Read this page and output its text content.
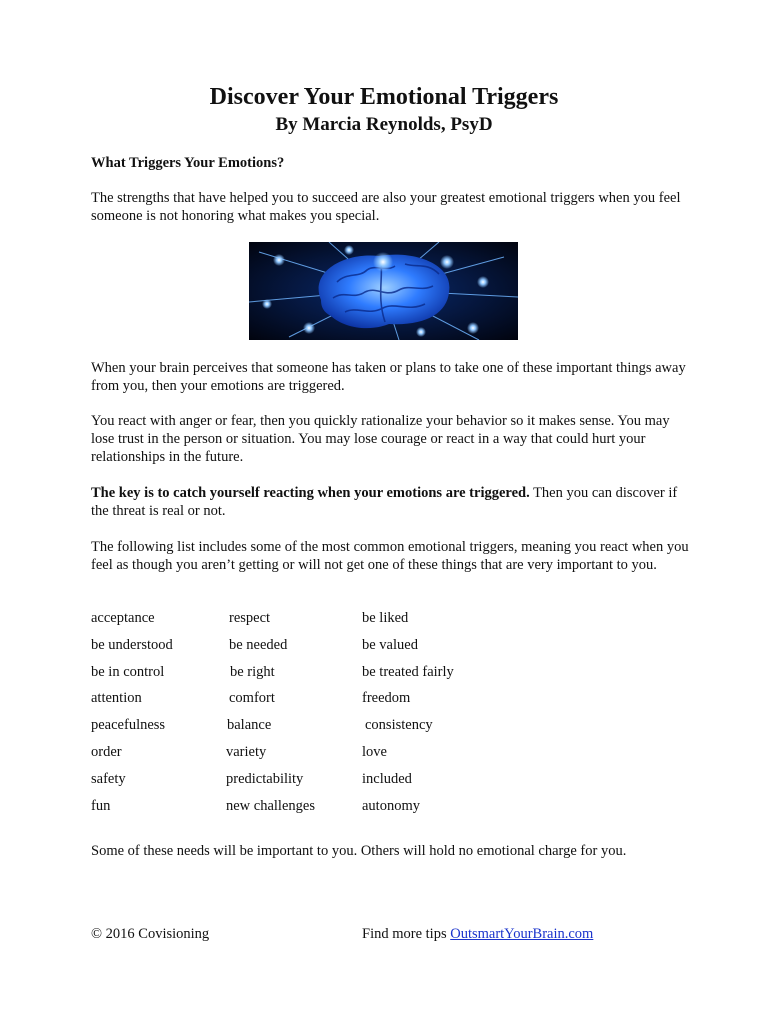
Discover Your Emotional Triggers
By Marcia Reynolds, PsyD
What Triggers Your Emotions?

The strengths that have helped you to succeed are also your greatest emotional triggers when you feel someone is not honoring what makes you special.

When your brain perceives that someone has taken or plans to take one of these important things away from you, then your emotions are triggered.

You react with anger or fear, then you quickly rationalize your behavior so it makes sense. You may lose trust in the person or situation. You may lose courage or react in a way that could hurt your relationships in the future.

The key is to catch yourself reacting when your emotions are triggered. Then you can discover if the threat is real or not.

The following list includes some of the most common emotional triggers, meaning you react when you feel as though you aren’t getting or will not get one of these things that are very important to you.

acceptance	respect	be liked
be understood	be needed	be valued
be in control	be right	be treated fairly
attention	comfort	freedom
peacefulness	balance	consistency
order	variety	love
safety	predictability	included
fun	new challenges	autonomy

Some of these needs will be important to you. Others will hold no emotional charge for you.

© 2016 Covisioning	Find more tips OutsmartYourBrain.com
